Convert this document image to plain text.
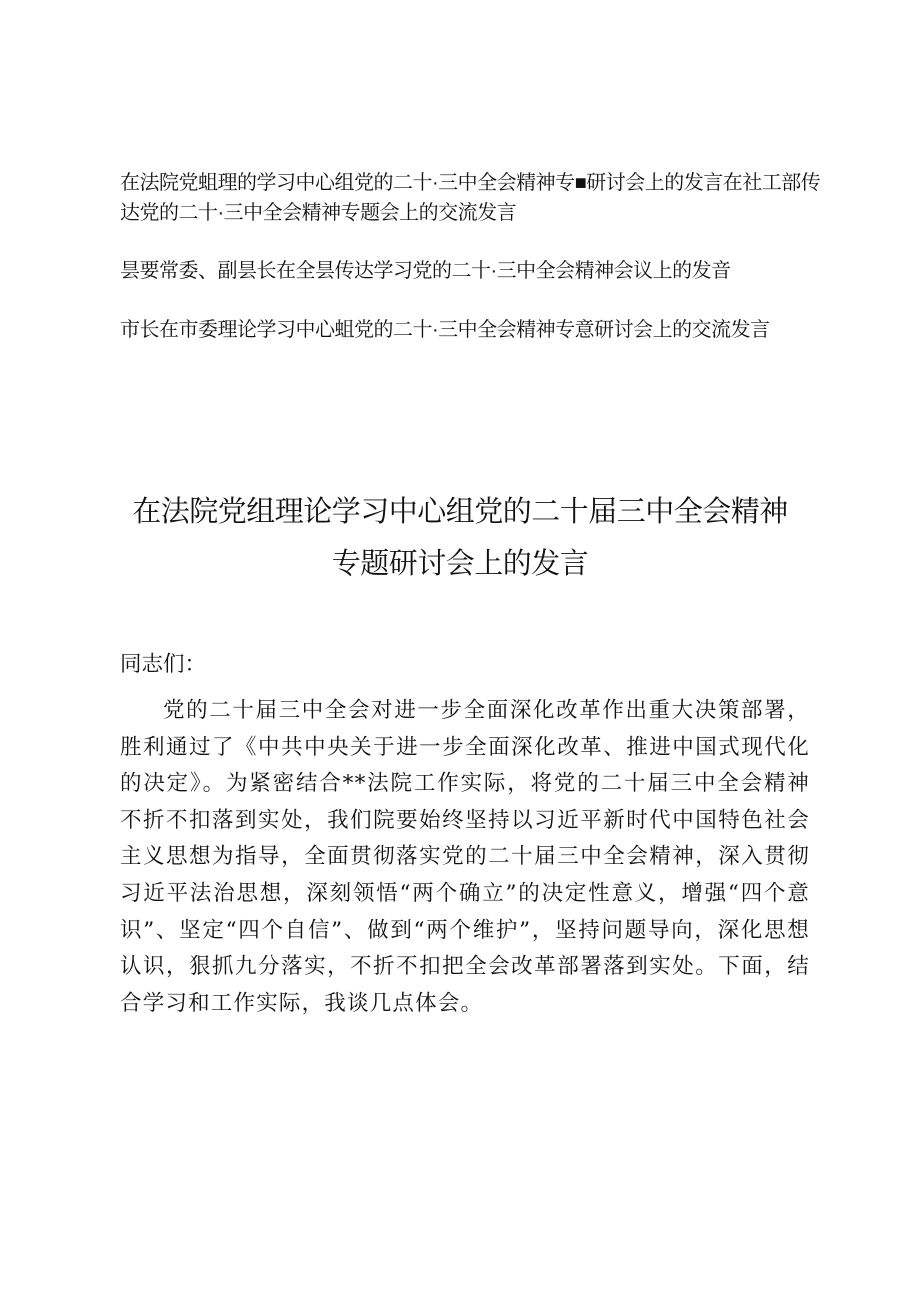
在法院党蛆理的学习中心组党的二十·三中全会精神专■研讨会上的发言在社工部传达党的二十·三中全会精神专题会上的交流发言
昙要常委、副昙长在全昙传达学习党的二十·三中全会精神会议上的发音
市长在市委理论学习中心蛆党的二十·三中全会精神专意研讨会上的交流发言
在法院党组理论学习中心组党的二十届三中全会精神专题研讨会上的发言

同志们：

党的二十届三中全会对进一步全面深化改革作出重大决策部署，胜利通过了《中共中央关于进一步全面深化改革、推进中国式现代化的决定》。为紧密结合**法院工作实际，将党的二十届三中全会精神不折不扣落到实处，我们院要始终坚持以习近平新时代中国特色社会主义思想为指导，全面贯彻落实党的二十届三中全会精神，深入贯彻习近平法治思想，深刻领悟“两个确立”的决定性意义，增强“四个意识”、坚定“四个自信”、做到“两个维护”，坚持问题导向，深化思想认识，狠抓九分落实，不折不扣把全会改革部署落到实处。下面，结合学习和工作实际，我谈几点体会。
